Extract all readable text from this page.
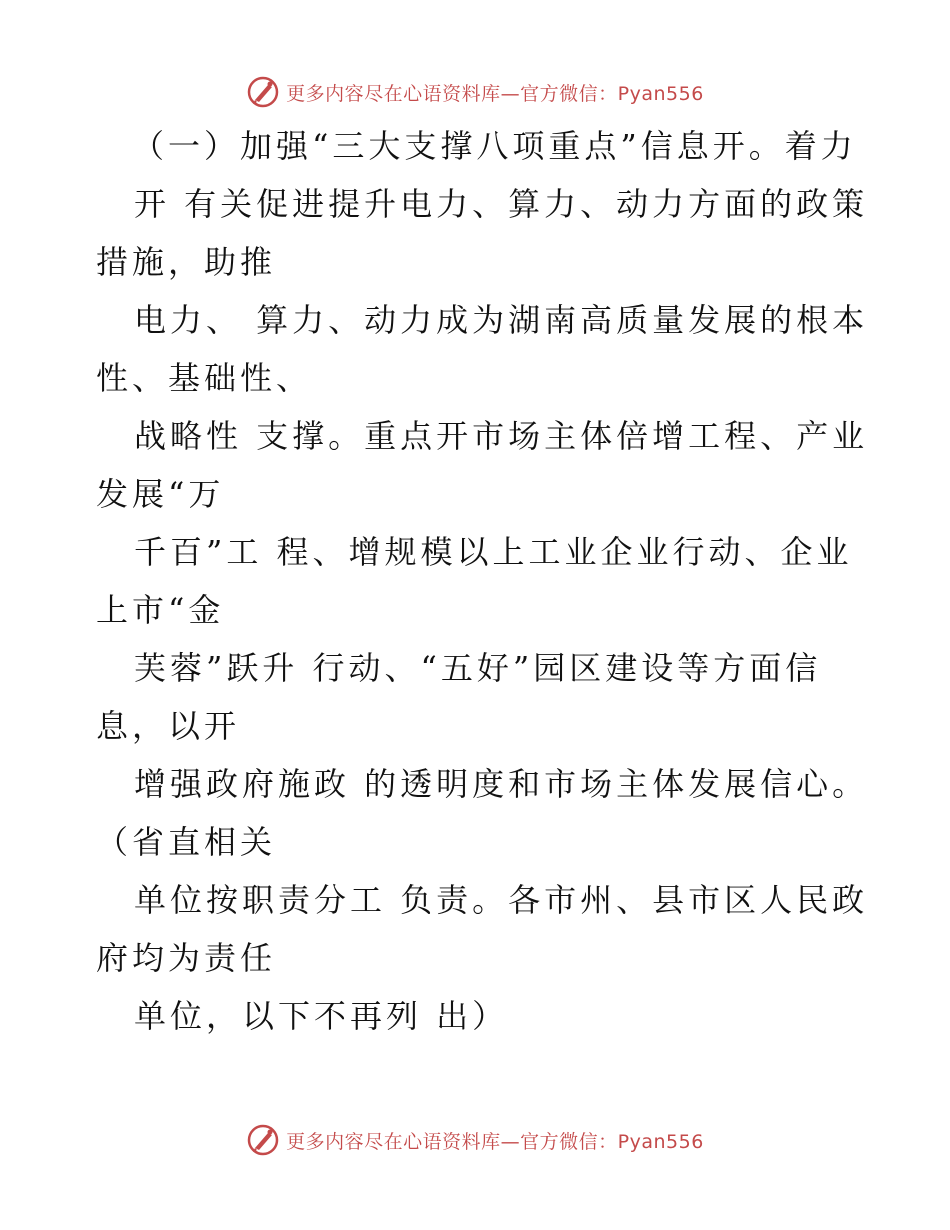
更多内容尽在心语资料库—官方微信：Pyan556
（一）加强“三大支撑八项重点”信息开。着力
开 有关促进提升电力、算力、动力方面的政策
措施，助推
电力、 算力、动力成为湖南高质量发展的根本
性、基础性、
战略性 支撑。重点开市场主体倍增工程、产业
发展“万
千百”工 程、增规模以上工业企业行动、企业
上市“金
芙蓉”跃升 行动、“五好”园区建设等方面信
息，以开
增强政府施政 的透明度和市场主体发展信心。
（省直相关
单位按职责分工 负责。各市州、县市区人民政
府均为责任
单位，以下不再列 出）
更多内容尽在心语资料库—官方微信：Pyan556
